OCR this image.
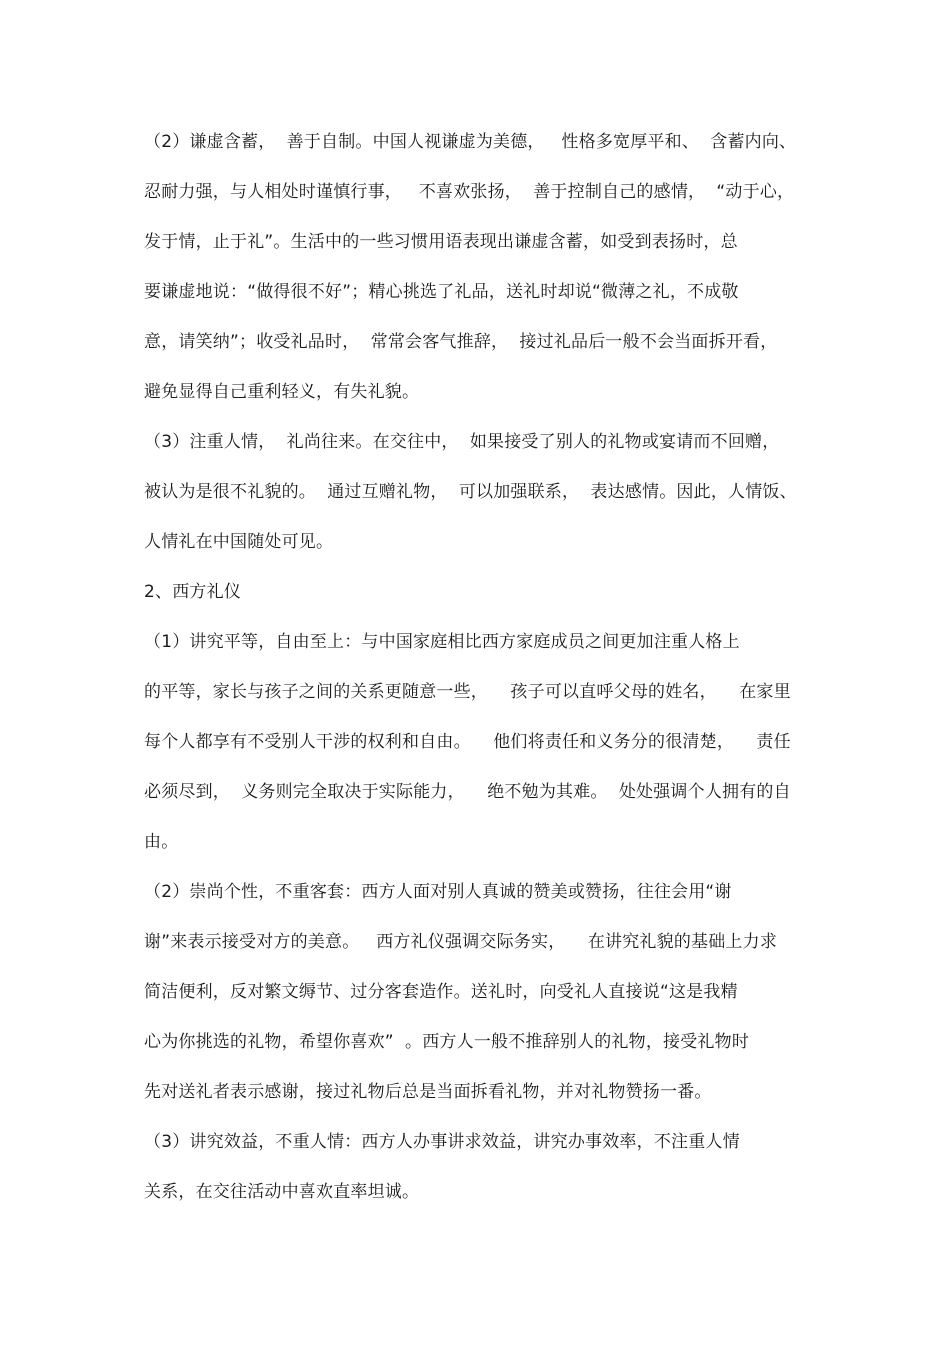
（2）谦虚含蓄，  善于自制。中国人视谦虚为美德，   性格多宽厚平和、  含蓄内向、
忍耐力强，与人相处时谨慎行事，   不喜欢张扬，  善于控制自己的感情，  “动于心，
发于情，止于礼”。生活中的一些习惯用语表现出谦虚含蓄，如受到表扬时，总
要谦虚地说：“做得很不好”；精心挑选了礼品，送礼时却说“微薄之礼，不成敬
意，请笑纳”；收受礼品时，  常常会客气推辞，  接过礼品后一般不会当面拆开看，
避免显得自己重利轻义，有失礼貌。
（3）注重人情，  礼尚往来。在交往中，  如果接受了别人的礼物或宴请而不回赠，
被认为是很不礼貌的。  通过互赠礼物，  可以加强联系，  表达感情。因此，人情饭、
人情礼在中国随处可见。
2、西方礼仪
（1）讲究平等，自由至上：与中国家庭相比西方家庭成员之间更加注重人格上
的平等，家长与孩子之间的关系更随意一些，    孩子可以直呼父母的姓名，    在家里
每个人都享有不受别人干涉的权利和自由。    他们将责任和义务分的很清楚，    责任
必须尽到，  义务则完全取决于实际能力，    绝不勉为其难。  处处强调个人拥有的自
由。
（2）崇尚个性，不重客套：西方人面对别人真诚的赞美或赞扬，往往会用“谢
谢”来表示接受对方的美意。   西方礼仪强调交际务实，    在讲究礼貌的基础上力求
简洁便利，反对繁文缛节、过分客套造作。送礼时，向受礼人直接说“这是我精
心为你挑选的礼物，希望你喜欢”  。西方人一般不推辞别人的礼物，接受礼物时
先对送礼者表示感谢，接过礼物后总是当面拆看礼物，并对礼物赞扬一番。
（3）讲究效益，不重人情：西方人办事讲求效益，讲究办事效率，不注重人情
关系，在交往活动中喜欢直率坦诚。
